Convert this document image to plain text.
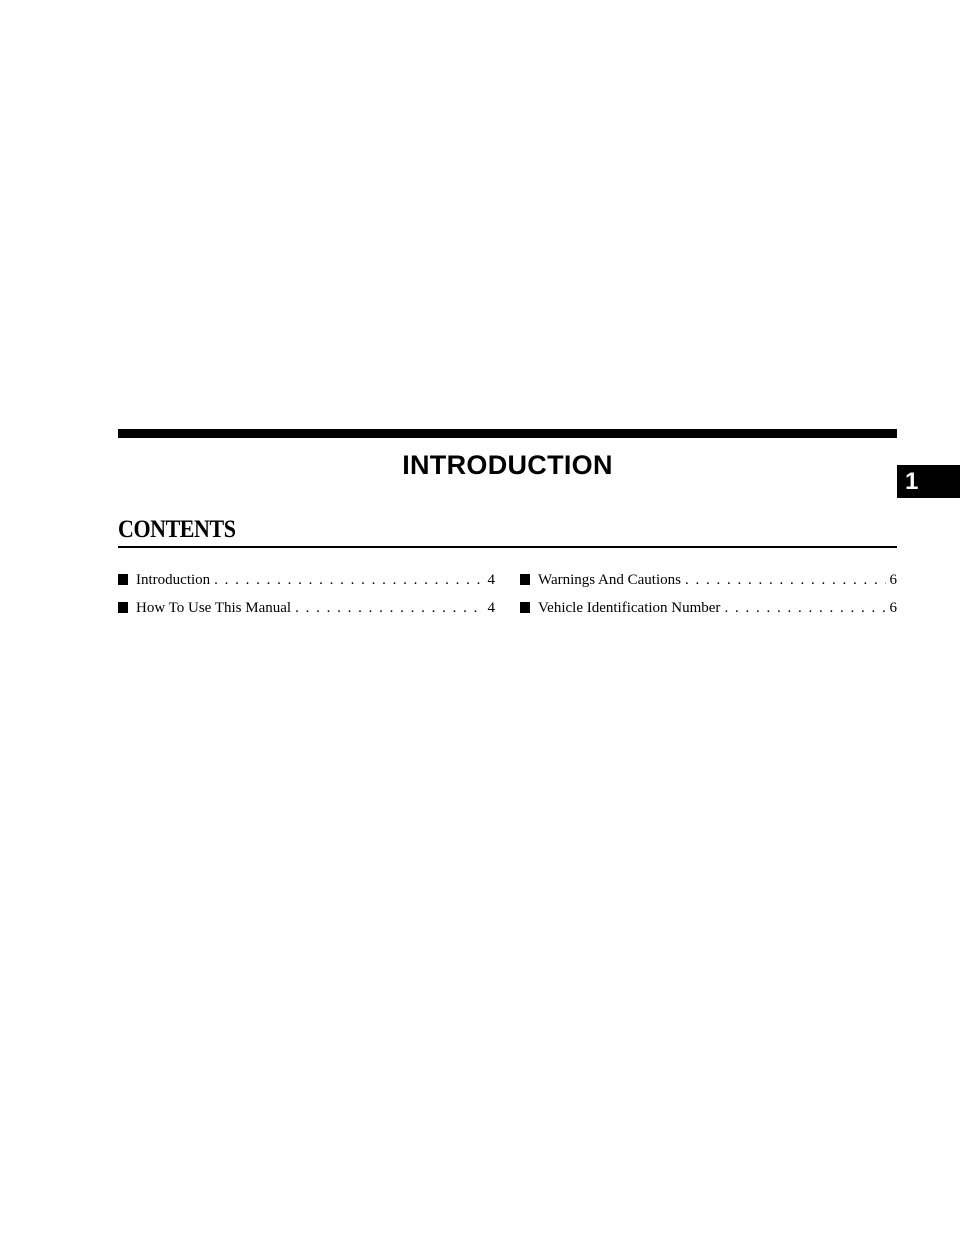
INTRODUCTION
1
CONTENTS
Introduction . . .	4
How To Use This Manual . . .	4
Warnings And Cautions . . .	6
Vehicle Identification Number . . .	6
